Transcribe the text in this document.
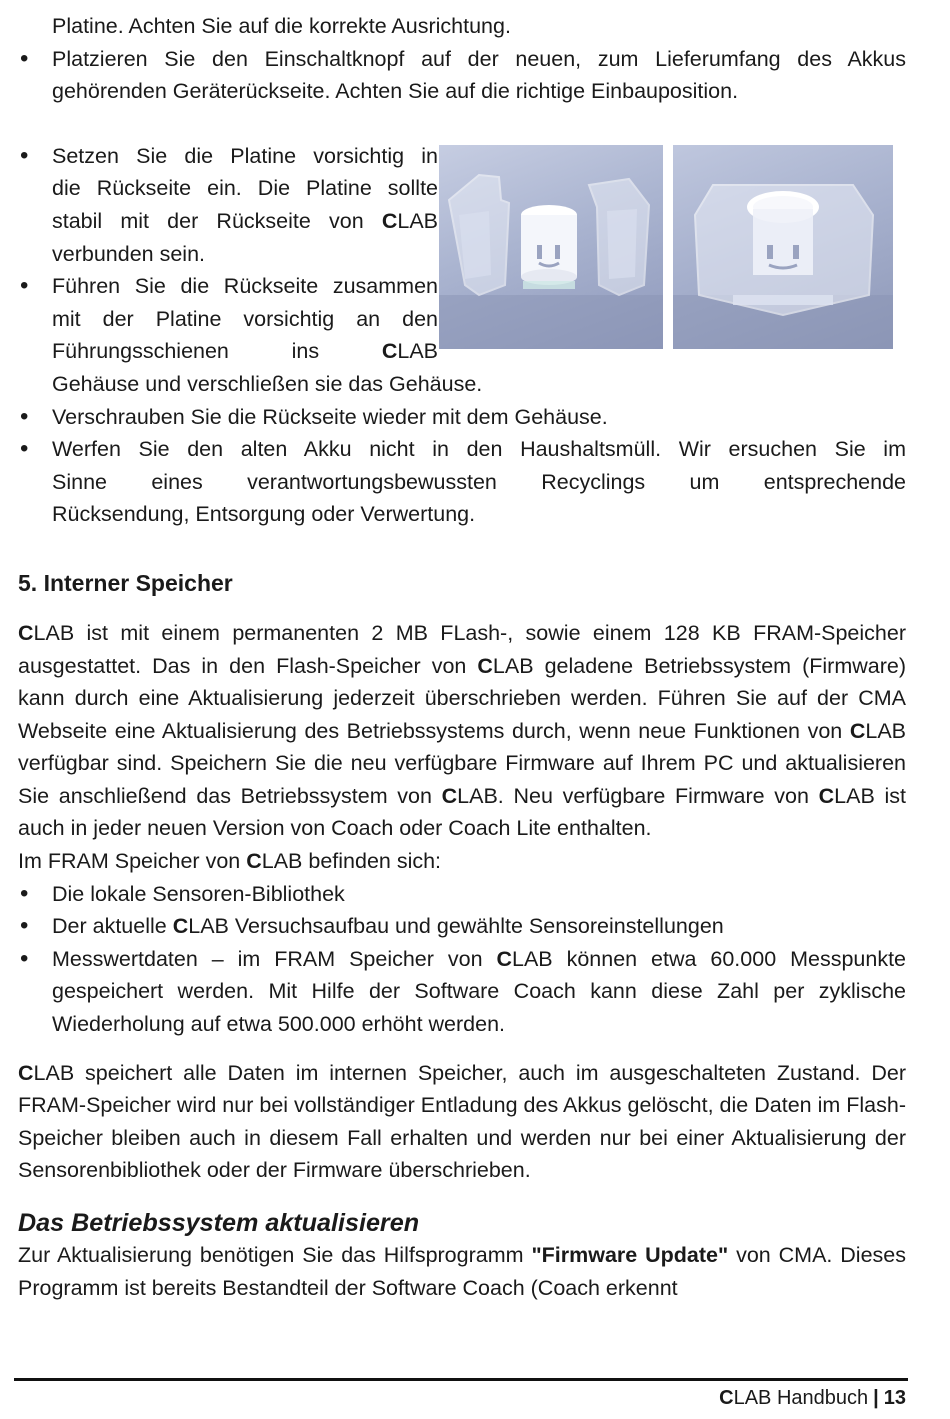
Platine. Achten Sie auf die korrekte Ausrichtung.

•
Platzieren Sie den Einschaltknopf auf der neuen, zum Lieferumfang des Akkus
gehörenden Geräterückseite. Achten Sie auf die richtige Einbauposition.
•
Setzen Sie die Platine vorsichtig in
die Rückseite ein. Die Platine sollte
stabil mit der Rückseite von CLAB
verbunden sein.
•
Führen Sie die Rückseite zusammen
mit der Platine vorsichtig an den
Führungsschienen ins CLAB
Gehäuse und verschließen sie das Gehäuse.
•
Verschrauben Sie die Rückseite wieder mit dem Gehäuse.
•
Werfen Sie den alten Akku nicht in den Haushaltsmüll. Wir ersuchen Sie im
Sinne eines verantwortungsbewussten Recyclings um entsprechende
Rücksendung, Entsorgung oder Verwertung.
5. Interner Speicher

CLAB ist mit einem permanenten 2 MB FLash-, sowie einem 128 KB FRAM-Speicher ausgestattet. Das in den Flash-Speicher von CLAB geladene Betriebssystem (Firmware) kann durch eine Aktualisierung jederzeit überschrieben werden. Führen Sie auf der CMA Webseite eine Aktualisierung des Betriebssystems durch, wenn neue Funktionen von CLAB verfügbar sind. Speichern Sie die neu verfügbare Firmware auf Ihrem PC und aktualisieren Sie anschließend das Betriebssystem von CLAB. Neu verfügbare Firmware von CLAB ist auch in jeder neuen Version von Coach oder Coach Lite enthalten.

Im FRAM Speicher von CLAB befinden sich:

•

Die lokale Sensoren-Bibliothek

•

Der aktuelle CLAB Versuchsaufbau und gewählte Sensoreinstellungen

•

Messwertdaten – im FRAM Speicher von CLAB können etwa 60.000 Messpunkte gespeichert werden. Mit Hilfe der Software Coach kann diese Zahl per zyklische Wiederholung auf etwa 500.000 erhöht werden.

CLAB speichert alle Daten im internen Speicher, auch im ausgeschalteten Zustand. Der FRAM-Speicher wird nur bei vollständiger Entladung des Akkus gelöscht, die Daten im Flash-Speicher bleiben auch in diesem Fall erhalten und werden nur bei einer Aktualisierung der Sensorenbibliothek oder der Firmware überschrieben.

Das Betriebssystem aktualisieren

Zur Aktualisierung benötigen Sie das Hilfsprogramm "Firmware Update" von CMA. Dieses Programm ist bereits Bestandteil der Software Coach (Coach erkennt

CLAB Handbuch | 13
